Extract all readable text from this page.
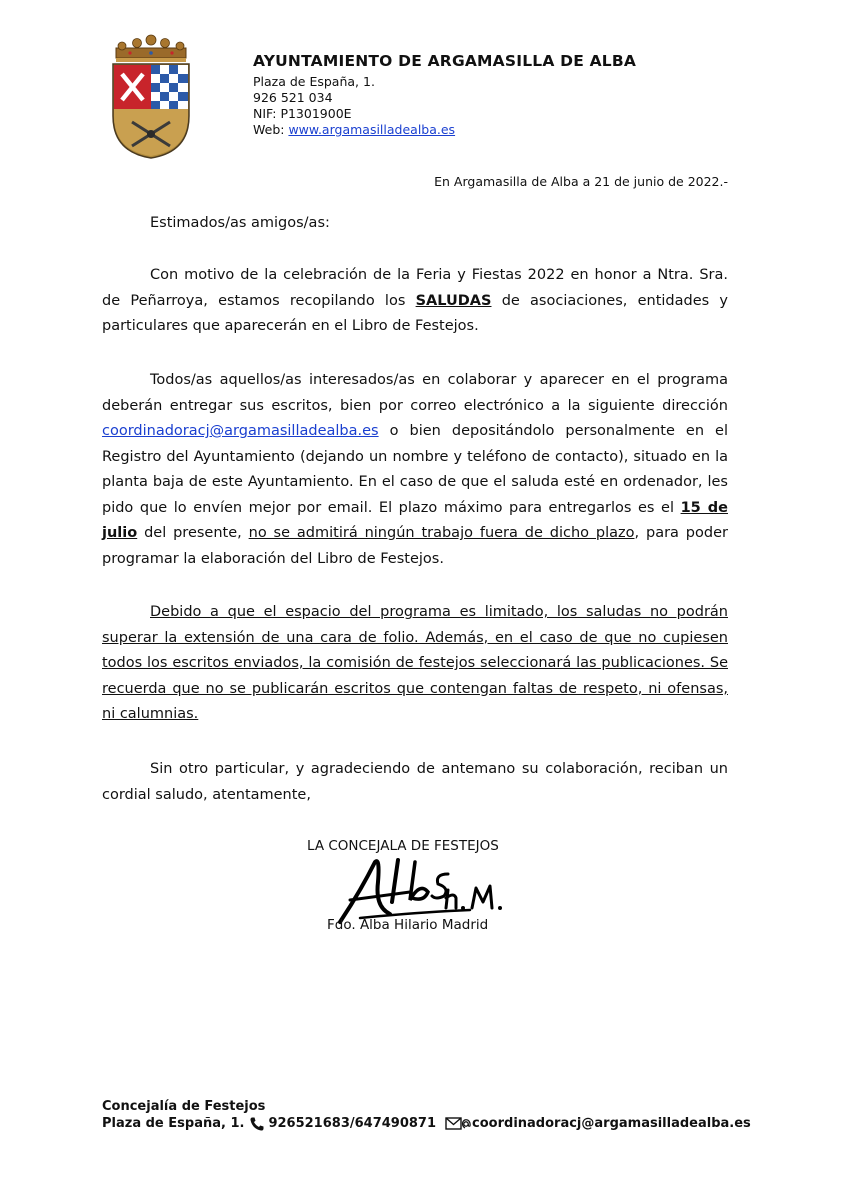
AYUNTAMIENTO DE ARGAMASILLA DE ALBA
Plaza de España, 1.
926 521 034
NIF: P1301900E
Web: www.argamasilladealba.es
En Argamasilla de Alba a 21 de junio de 2022.-

Estimados/as amigos/as:

Con motivo de la celebración de la Feria y Fiestas 2022 en honor a Ntra. Sra. de Peñarroya, estamos recopilando los SALUDAS de asociaciones, entidades y particulares que aparecerán en el Libro de Festejos.

Todos/as aquellos/as interesados/as en colaborar y aparecer en el programa deberán entregar sus escritos, bien por correo electrónico a la siguiente dirección coordinadoracj@argamasilladealba.es o bien depositándolo personalmente en el Registro del Ayuntamiento (dejando un nombre y teléfono de contacto), situado en la planta baja de este Ayuntamiento. En el caso de que el saluda esté en ordenador, les pido que lo envíen mejor por email. El plazo máximo para entregarlos es el 15 de julio del presente, no se admitirá ningún trabajo fuera de dicho plazo, para poder programar la elaboración del Libro de Festejos.

Debido a que el espacio del programa es limitado, los saludas no podrán superar la extensión de una cara de folio. Además, en el caso de que no cupiesen todos los escritos enviados, la comisión de festejos seleccionará las publicaciones. Se recuerda que no se publicarán escritos que contengan faltas de respeto, ni ofensas, ni calumnias.

Sin otro particular, y agradeciendo de antemano su colaboración, reciban un cordial saludo, atentamente,

LA CONCEJALA DE FESTEJOS
Fdo. Alba Hilario Madrid
Concejalía de Festejos
Plaza de España, 1. 926521683/647490871	coordinadoracj@argamasilladealba.es
